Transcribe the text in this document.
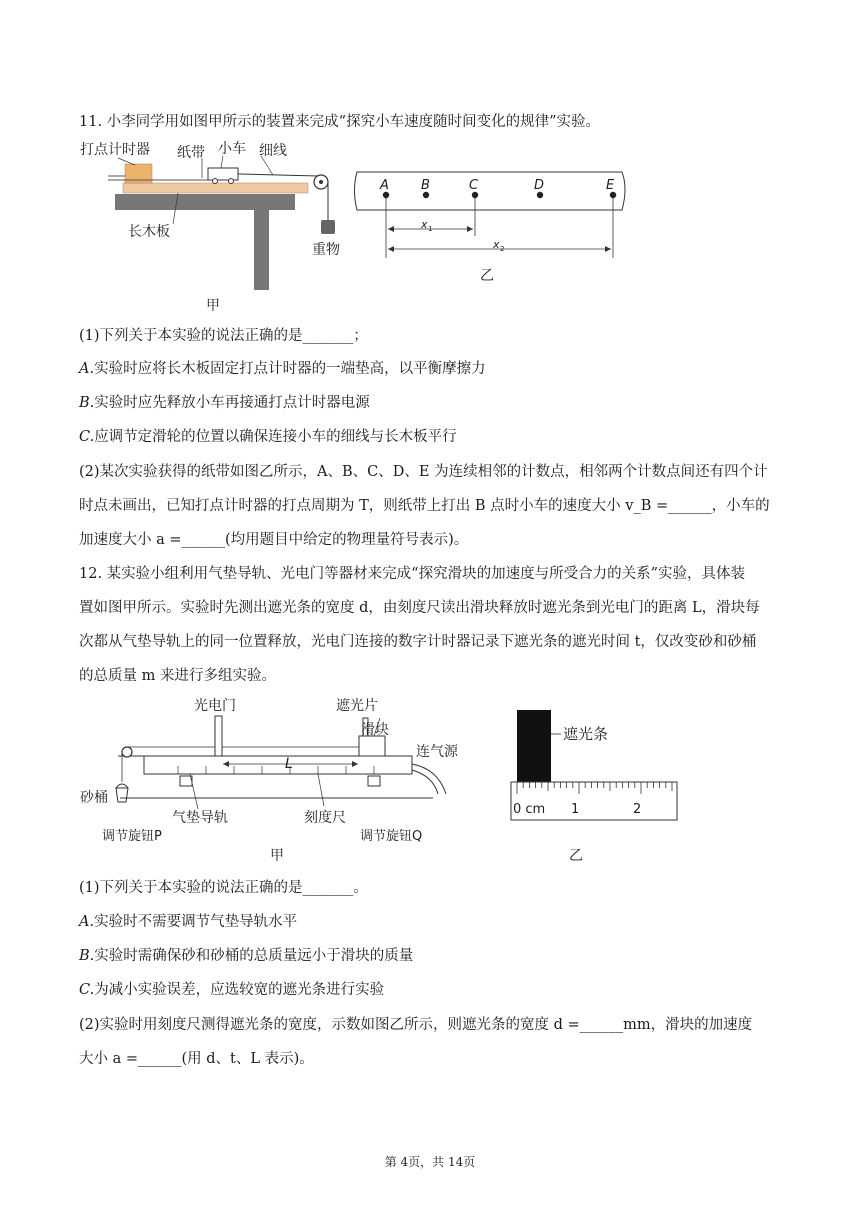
11. 小李同学用如图甲所示的装置来完成“探究小车速度随时间变化的规律”实验。
打点计时器 纸带 小车 细线
长木板
重物
甲
A B	C	D	E
x 1
x 2
乙
(1)下列关于本实验的说法正确的是_______；
A.实验时应将长木板固定打点计时器的一端垫高，以平衡摩擦力
B.实验时应先释放小车再接通打点计时器电源
C.应调节定滑轮的位置以确保连接小车的细线与长木板平行
(2)某次实验获得的纸带如图乙所示，A、B、C、D、E 为连续相邻的计数点，相邻两个计数点间还有四个计
时点未画出，已知打点计时器的打点周期为 T，则纸带上打出 B 点时小车的速度大小 v_B =______，小车的
加速度大小 a =______(均用题目中给定的物理量符号表示)。
12. 某实验小组利用气垫导轨、光电门等器材来完成“探究滑块的加速度与所受合力的关系”实验，具体装
置如图甲所示。实验时先测出遮光条的宽度 d，由刻度尺读出滑块释放时遮光条到光电门的距离 L，滑块每
次都从气垫导轨上的同一位置释放，光电门连接的数字计时器记录下遮光条的遮光时间 t，仅改变砂和砂桶
的总质量 m 来进行多组实验。
光电门	遮光片
滑块
连气源
砂桶
L
气垫导轨	刻度尺
调节旋钮P	调节旋钮Q
甲
遮光条
0 cm 1	2
乙
(1)下列关于本实验的说法正确的是_______。
A.实验时不需要调节气垫导轨水平
B.实验时需确保砂和砂桶的总质量远小于滑块的质量
C.为减小实验误差，应选较宽的遮光条进行实验
(2)实验时用刻度尺测得遮光条的宽度，示数如图乙所示，则遮光条的宽度 d =______mm，滑块的加速度
大小 a =______(用 d、t、L 表示)。
第 4页，共 14页
